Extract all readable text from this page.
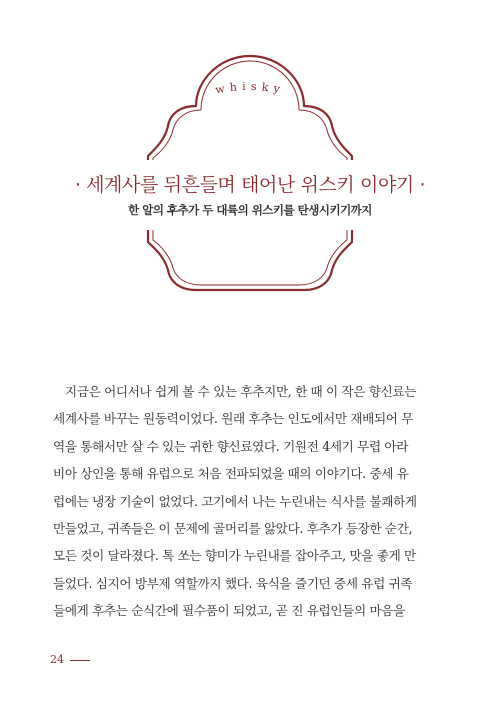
whisky
· 세계사를 뒤흔들며 태어난 위스키 이야기 ·
한 알의 후추가 두 대륙의 위스키를 탄생시키기까지
지금은 어디서나 쉽게 볼 수 있는 후추지만, 한 때 이 작은 향신료는
세계사를 바꾸는 원동력이었다. 원래 후추는 인도에서만 재배되어 무
역을 통해서만 살 수 있는 귀한 향신료였다. 기원전 4세기 무렵 아라
비아 상인을 통해 유럽으로 처음 전파되었을 때의 이야기다. 중세 유
럽에는 냉장 기술이 없었다. 고기에서 나는 누린내는 식사를 불쾌하게
만들었고, 귀족들은 이 문제에 골머리를 앓았다. 후추가 등장한 순간,
모든 것이 달라졌다. 톡 쏘는 향미가 누린내를 잡아주고, 맛을 좋게 만
들었다. 심지어 방부제 역할까지 했다. 육식을 즐기던 중세 유럽 귀족
들에게 후추는 순식간에 필수품이 되었고, 곧 진 유럽인들의 마음을
24
